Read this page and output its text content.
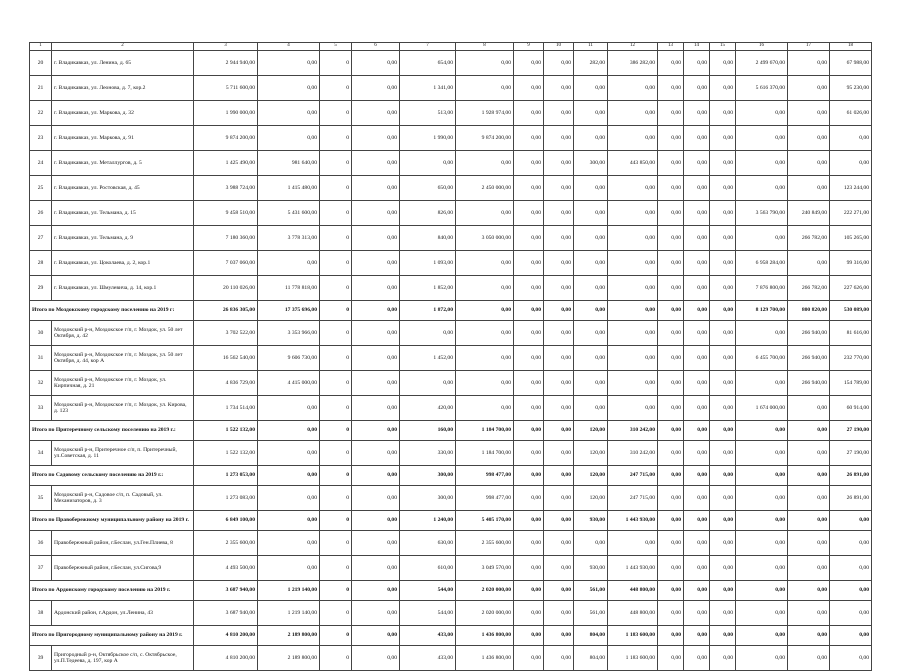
1	2	3	4	5	6	7	8	9	10	11	12	13	14	15	16	17	18
20	г. Владикавказ, ул. Ленина, д. 65	2 944 940,00	0,00	0	0,00	654,00	0,00	0,00	0,00	282,00	386 282,00	0,00	0,00	0,00	2 499 670,00	0,00	67 988,00
21	г. Владикавказ, ул. Леонова, д. 7, кор.2	5 711 600,00	0,00	0	0,00	1 341,00	0,00	0,00	0,00	0,00	0,00	0,00	0,00	0,00	5 616 370,00	0,00	95 230,00
22	г. Владикавказ, ул. Маркова, д. 32	1 990 000,00	0,00	0	0,00	513,00	1 928 974,00	0,00	0,00	0,00	0,00	0,00	0,00	0,00	0,00	0,00	61 026,00
23	г. Владикавказ, ул. Маркова, д. 91	9 874 200,00	0,00	0	0,00	1 990,00	9 874 200,00	0,00	0,00	0,00	0,00	0,00	0,00	0,00	0,00	0,00	0,00
24	г. Владикавказ, ул. Металлургов, д. 5	1 425 490,00	981 640,00	0	0,00	0,00	0,00	0,00	0,00	300,00	443 850,00	0,00	0,00	0,00	0,00	0,00	0,00
25	г. Владикавказ, ул. Ростовская, д. 45	3 988 724,00	1 415 480,00	0	0,00	650,00	2 450 000,00	0,00	0,00	0,00	0,00	0,00	0,00	0,00	0,00	0,00	123 244,00
26	г. Владикавказ, ул. Тельмана, д. 15	9 458 510,00	5 431 600,00	0	0,00	826,00	0,00	0,00	0,00	0,00	0,00	0,00	0,00	0,00	3 563 790,00	240 849,00	222 271,00
27	г. Владикавказ, ул. Тельмана, д. 9	7 180 360,00	3 778 313,00	0	0,00	840,00	3 050 000,00	0,00	0,00	0,00	0,00	0,00	0,00	0,00	0,00	266 782,00	105 265,00
28	г. Владикавказ, ул. Цоколаева, д. 2, кор.1	7 037 060,00	0,00	0	0,00	1 093,00	0,00	0,00	0,00	0,00	0,00	0,00	0,00	0,00	6 958 284,00	0,00	99 316,00
29	г. Владикавказ, ул. Шмулевича, д. 14, кор.1	20 110 026,00	11 778 818,00	0	0,00	1 852,00	0,00	0,00	0,00	0,00	0,00	0,00	0,00	0,00	7 876 800,00	266 782,00	227 626,00
Итого по Моздокскому городскому поселению на 2019 г:		26 836 305,00	17 375 696,00	0	0,00	1 872,00	0,00	0,00	0,00	0,00	0,00	0,00	0,00	0,00	8 129 700,00	800 820,00	530 089,00
30	Моздокский р-н, Моздокское г/п, г. Моздок, ул. 50 лет Октября, д. 42	3 702 522,00	3 353 966,00	0	0,00	0,00	0,00	0,00	0,00	0,00	0,00	0,00	0,00	0,00	0,00	266 940,00	81 616,00
31	Моздокский р-н, Моздокское г/п, г. Моздок, ул. 50 лет Октября, д. 44, кор А	16 562 540,00	9 606 730,00	0	0,00	1 452,00	0,00	0,00	0,00	0,00	0,00	0,00	0,00	0,00	6 455 700,00	266 940,00	232 770,00
32	Моздокский р-н, Моздокское г/п, г. Моздок, ул. Кирпичная, д. 21	4 836 729,00	4 415 000,00	0	0,00	0,00	0,00	0,00	0,00	0,00	0,00	0,00	0,00	0,00	0,00	266 940,00	154 789,00
33	Моздокский р-н, Моздокское г/п, г. Моздок, ул. Кирова, д. 123	1 734 514,00	0,00	0	0,00	420,00	0,00	0,00	0,00	0,00	0,00	0,00	0,00	0,00	1 674 000,00	0,00	60 914,00
Итого по Притеречному сельскому поселению на 2019 г.:		1 522 132,00	0,00	0	0,00	160,00	1 184 700,00	0,00	0,00	120,00	310 242,00	0,00	0,00	0,00	0,00	0,00	27 190,00
34	Моздокский р-н, Притеречное с/п, п. Притеречный, ул.Советская, д. 11	1 522 132,00	0,00	0	0,00	330,00	1 184 700,00	0,00	0,00	120,00	310 242,00	0,00	0,00	0,00	0,00	0,00	27 190,00
Итого по Садовому сельскому поселению на 2019 г.:		1 273 053,00	0,00	0	0,00	300,00	998 477,00	0,00	0,00	120,00	247 715,00	0,00	0,00	0,00	0,00	0,00	26 891,00
35	Моздокский р-н, Садовое с/п, п. Садовый, ул. Механизаторов, д. 3	1 273 083,00	0,00	0	0,00	300,00	998 477,00	0,00	0,00	120,00	247 715,00	0,00	0,00	0,00	0,00	0,00	26 891,00
Итого по Правобережному муниципальному району на 2019 г.		6 849 100,00	0,00	0	0,00	1 240,00	5 405 170,00	0,00	0,00	930,00	1 443 930,00	0,00	0,00	0,00	0,00	0,00	0,00
36	Правобережный район, г.Беслан, ул.Ген.Плиева, 8	2 355 600,00	0,00	0	0,00	630,00	2 355 600,00	0,00	0,00	0,00	0,00	0,00	0,00	0,00	0,00	0,00	0,00
37	Правобережный район, г.Беслан, ул.Сигова,9	4 493 500,00	0,00	0	0,00	610,00	3 049 570,00	0,00	0,00	930,00	1 443 930,00	0,00	0,00	0,00	0,00	0,00	0,00
Итого по Ардонскому городскому поселению на 2019 г.		3 687 940,00	1 219 140,00	0	0,00	544,00	2 020 000,00	0,00	0,00	561,00	448 800,00	0,00	0,00	0,00	0,00	0,00	0,00
38	Ардонский район, г.Ардон, ул.Ленина, 43	3 687 940,00	1 219 140,00	0	0,00	544,00	2 020 000,00	0,00	0,00	561,00	448 800,00	0,00	0,00	0,00	0,00	0,00	0,00
Итого по Пригородному муниципальному району на 2019 г.		4 810 200,00	2 189 800,00	0	0,00	433,00	1 436 800,00	0,00	0,00	804,00	1 183 600,00	0,00	0,00	0,00	0,00	0,00	0,00
39	Пригородный р-н, Октябрьское с/п, с. Октябрьское, ул.П.Тедеева, д. 197, кор А	4 810 200,00	2 189 800,00	0	0,00	433,00	1 436 800,00	0,00	0,00	804,00	1 183 600,00	0,00	0,00	0,00	0,00	0,00	0,00
